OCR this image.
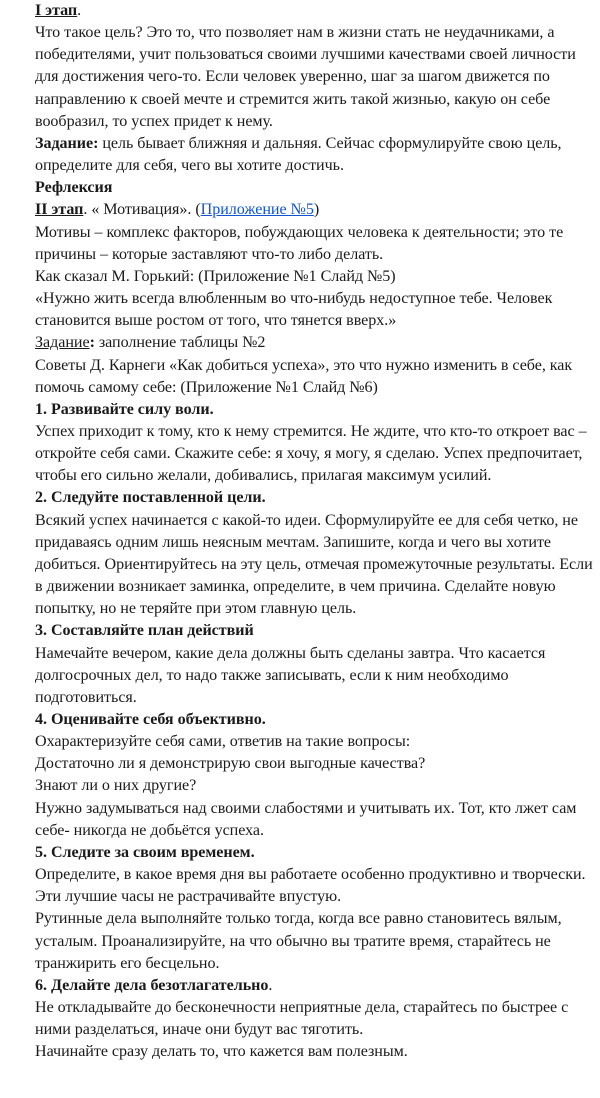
I этап.

Что такое цель? Это то, что позволяет нам в жизни стать не неудачниками, а победителями, учит пользоваться своими лучшими качествами своей личности для достижения чего-то. Если человек уверенно, шаг за шагом движется по направлению к своей мечте и стремится жить такой жизнью, какую он себе вообразил, то успех придет к нему.

Задание: цель бывает ближняя и дальняя. Сейчас сформулируйте свою цель, определите для себя, чего вы хотите достичь.

Рефлексия

II этап. « Мотивация». (Приложение №5)

Мотивы – комплекс факторов, побуждающих человека к деятельности; это те причины – которые заставляют что-то либо делать.

Как сказал М. Горький: (Приложение №1 Слайд №5)

«Нужно жить всегда влюбленным во что-нибудь недоступное тебе. Человек становится выше ростом от того, что тянется вверх.»

Задание: заполнение таблицы №2

Советы Д. Карнеги «Как добиться успеха», это что нужно изменить в себе, как помочь самому себе: (Приложение №1 Слайд №6)

1. Развивайте силу воли.

Успех приходит к тому, кто к нему стремится. Не ждите, что кто-то откроет вас – откройте себя сами. Скажите себе: я хочу, я могу, я сделаю. Успех предпочитает, чтобы его сильно желали, добивались, прилагая максимум усилий.

2. Следуйте поставленной цели.

Всякий успех начинается с какой-то идеи. Сформулируйте ее для себя четко, не придаваясь одним лишь неясным мечтам. Запишите, когда и чего вы хотите добиться. Ориентируйтесь на эту цель, отмечая промежуточные результаты. Если в движении возникает заминка, определите, в чем причина. Сделайте новую попытку, но не теряйте при этом главную цель.

3. Составляйте план действий

Намечайте вечером, какие дела должны быть сделаны завтра. Что касается долгосрочных дел, то надо также записывать, если к ним необходимо подготовиться.

4. Оценивайте себя объективно.

Охарактеризуйте себя сами, ответив на такие вопросы:

Достаточно ли я демонстрирую свои выгодные качества?

Знают ли о них другие?

Нужно задумываться над своими слабостями и учитывать их. Тот, кто лжет сам себе- никогда не добьётся успеха.

5. Следите за своим временем.

Определите, в какое время дня вы работаете особенно продуктивно и творчески. Эти лучшие часы не растрачивайте впустую.

Рутинные дела выполняйте только тогда, когда все равно становитесь вялым, усталым. Проанализируйте, на что обычно вы тратите время, старайтесь не транжирить его бесцельно.

6. Делайте дела безотлагательно.

Не откладывайте до бесконечности неприятные дела, старайтесь по быстрее с ними разделаться, иначе они будут вас тяготить.

Начинайте сразу делать то, что кажется вам полезным.
